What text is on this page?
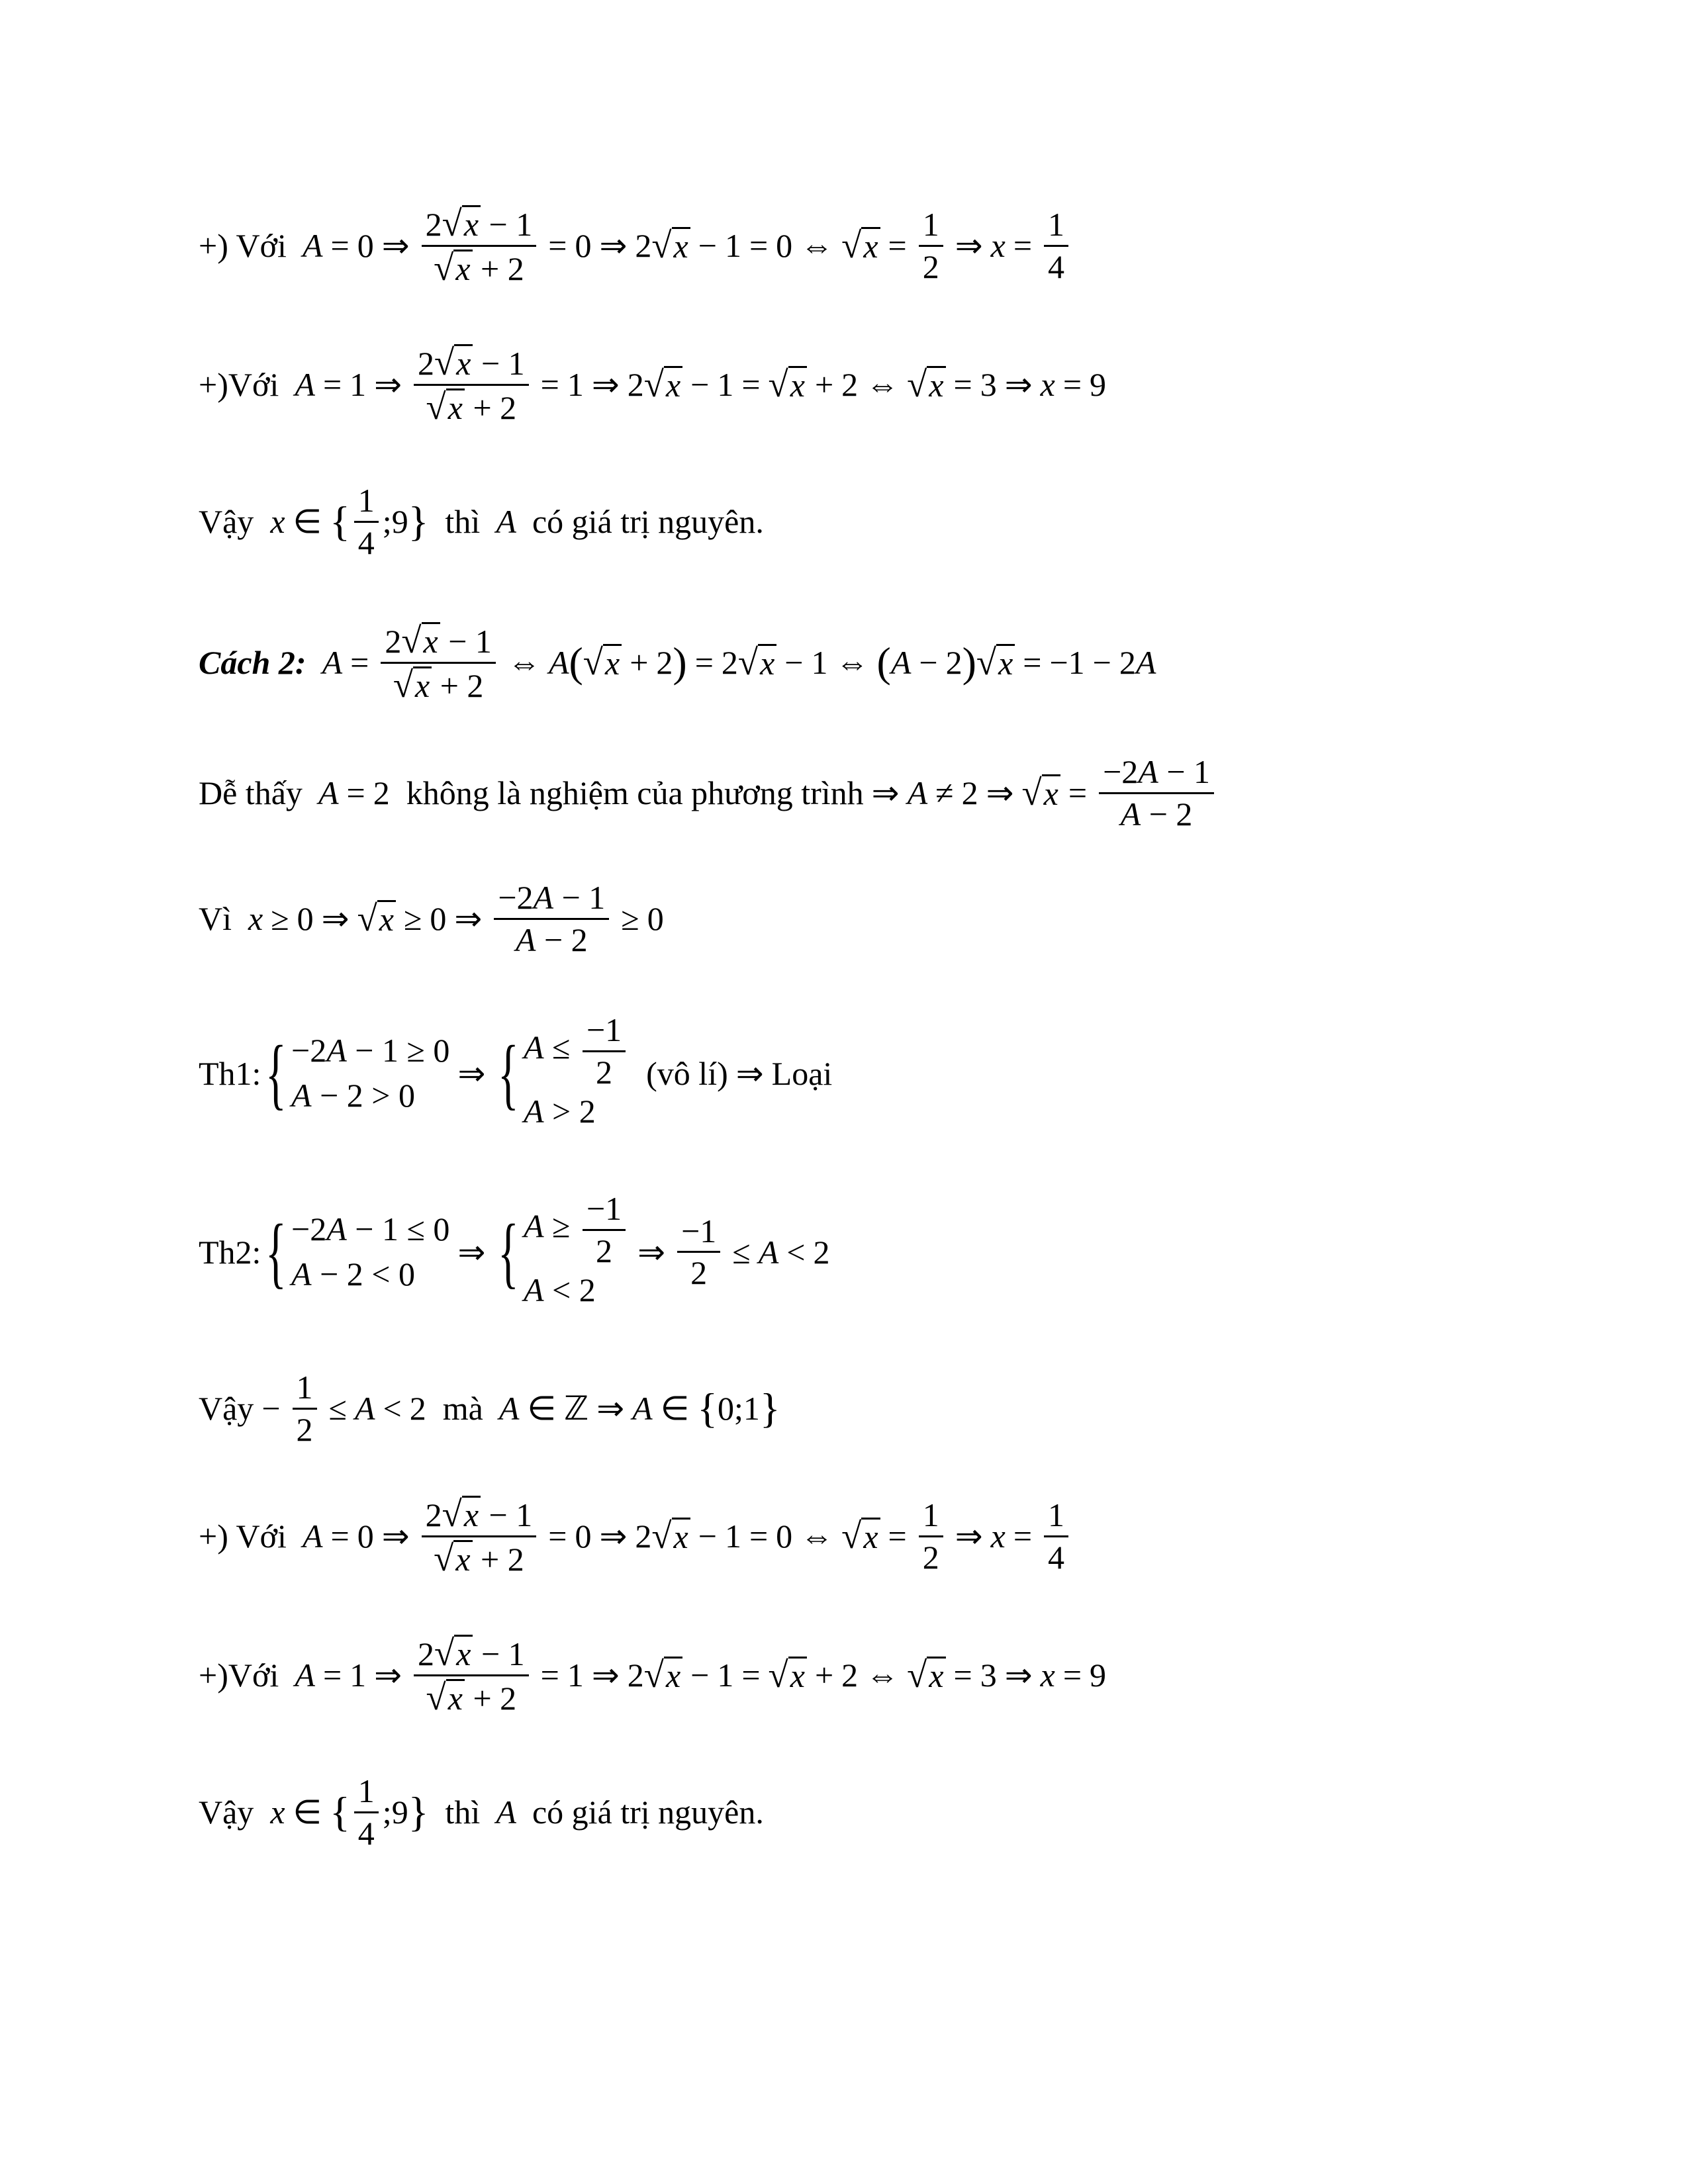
+) Với A = 0 ⇒ $\frac{2 √ x - 1}{√ x + 2} = 0$ ⇒ 2 √ x − 1 = 0 ⇔ √ $x = \frac{1}{2}$ ⇒ $x = \frac{1}{4}$
+)Với A = 1 ⇒ $\frac{2 √ x - 1}{√ x + 2} = 1$ ⇒ 2 √ x − 1 = √ x + 2 ⇔ √ x = 3 ⇒ x = 9
Vậy x ∈ { $\frac{1}{4}$ ;9 }
thì A có giá trị nguyên.
Cách 2: $A = \frac{2 √ x - 1}{√ x + 2}$ ⇔ A ( √ x + 2 ) = 2 √ x − 1 ⇔ ( A − 2 ) √ x = −1 − 2 A
Dễ thấy A = 2
không là nghiệm của phương trình ⇒ A ≠ 2 ⇒ √ $x = \frac{-2A - 1}{A - 2}$
Vì x ≥ 0 ⇒ √ x ≥ 0 ⇒ $\frac{-2A - 1}{A - 2} \ge 0$
Th1: { −2A − 1 ≥ 0
A − 2 > 0
⇒ { $A \le \frac{-1}{2}$
A > 2

(vô lí) ⇒ Loại
Th2: { −2A − 1 ≤ 0
A − 2 < 0
⇒ { $A \ge \frac{-1}{2}$
A < 2
⇒ $\frac{-1}{2} \le A < 2$
Vậy − $\frac{1}{2} \le A < 2$
mà A ∈ ℤ ⇒ A ∈ { 0;1 }
+) Với A = 0 ⇒ $\frac{2 √ x - 1}{√ x + 2} = 0$ ⇒ 2 √ x − 1 = 0 ⇔ √ $x = \frac{1}{2}$ ⇒ $x = \frac{1}{4}$
+)Với A = 1 ⇒ $\frac{2 √ x - 1}{√ x + 2} = 1$ ⇒ 2 √ x − 1 = √ x + 2 ⇔ √ x = 3 ⇒ x = 9
Vậy x ∈ { $\frac{1}{4}$ ;9 }
thì A có giá trị nguyên.
